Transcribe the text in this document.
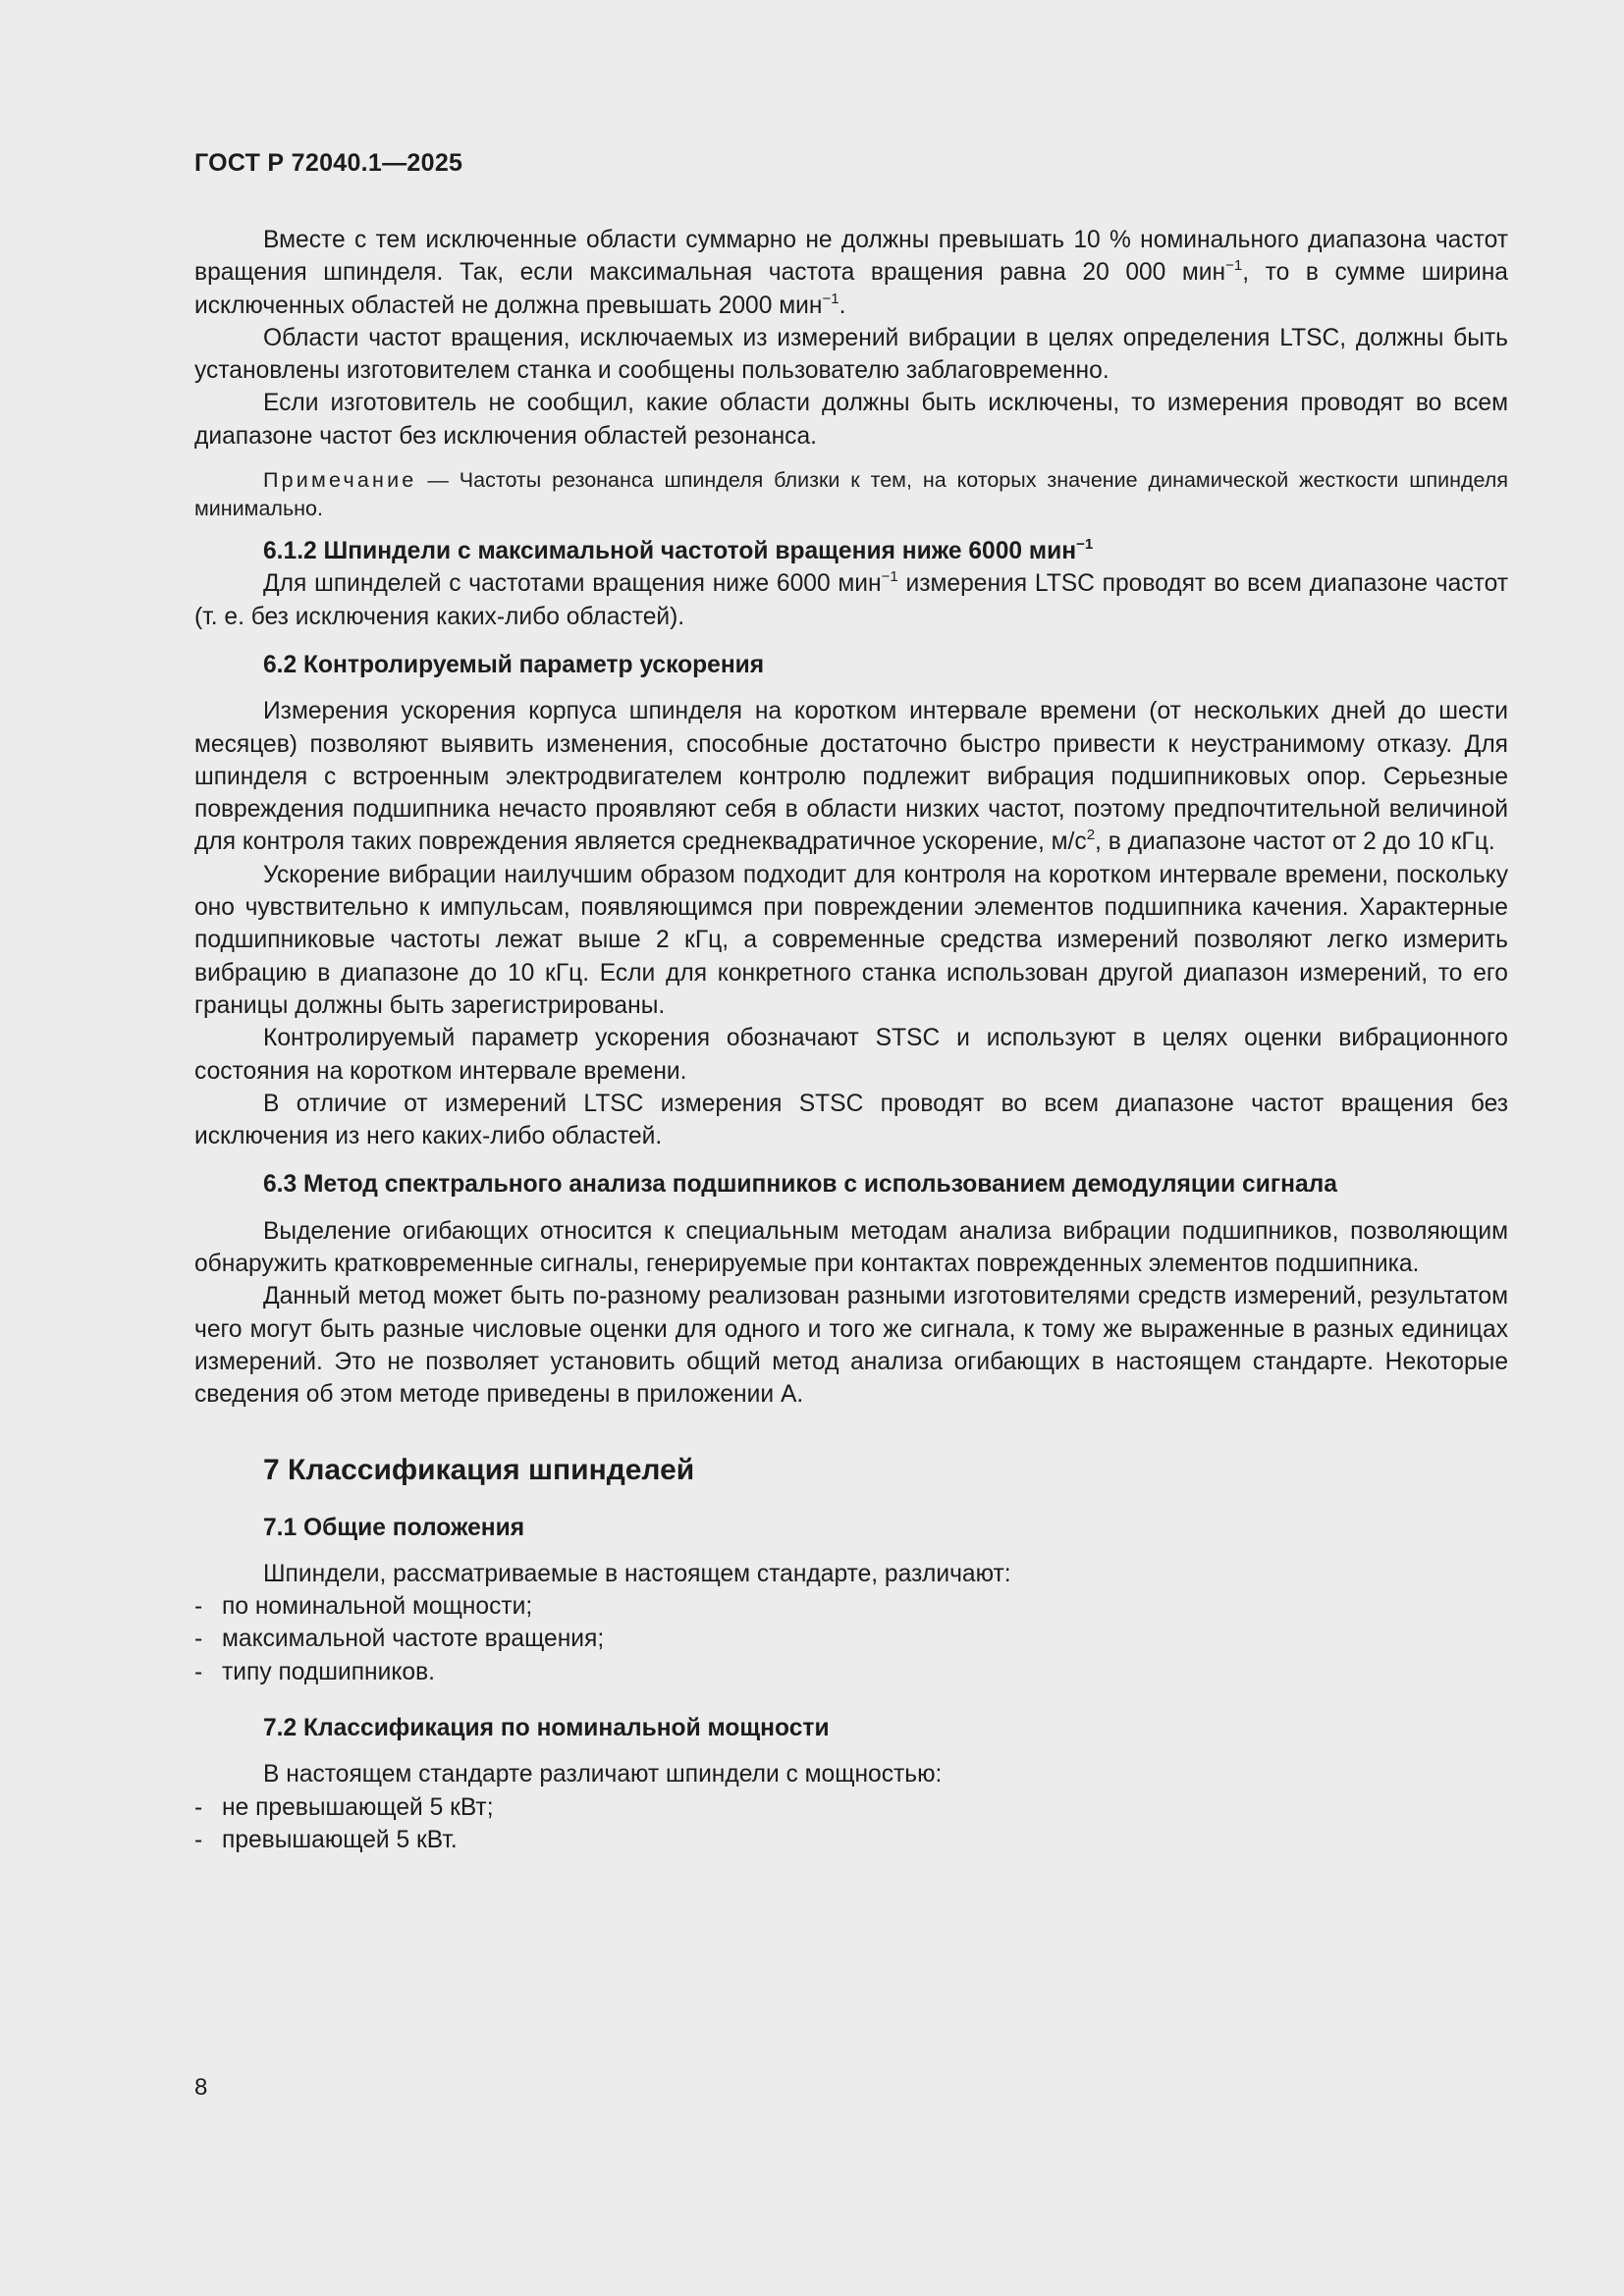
ГОСТ Р 72040.1—2025

Вместе с тем исключенные области суммарно не должны превышать 10 % номинального диапазона частот вращения шпинделя. Так, если максимальная частота вращения равна 20 000 мин$^{-1}$, то в сумме ширина исключенных областей не должна превышать 2000 мин$^{-1}$.

Области частот вращения, исключаемых из измерений вибрации в целях определения LTSC, должны быть установлены изготовителем станка и сообщены пользователю заблаговременно.

Если изготовитель не сообщил, какие области должны быть исключены, то измерения проводят во всем диапазоне частот без исключения областей резонанса.

Примечание — Частоты резонанса шпинделя близки к тем, на которых значение динамической жесткости шпинделя минимально.

6.1.2 Шпиндели с максимальной частотой вращения ниже 6000 мин$^{-1}$

Для шпинделей с частотами вращения ниже 6000 мин$^{-1}$ измерения LTSC проводят во всем диапазоне частот (т. е. без исключения каких-либо областей).

6.2 Контролируемый параметр ускорения

Измерения ускорения корпуса шпинделя на коротком интервале времени (от нескольких дней до шести месяцев) позволяют выявить изменения, способные достаточно быстро привести к неустранимому отказу. Для шпинделя с встроенным электродвигателем контролю подлежит вибрация подшипниковых опор. Серьезные повреждения подшипника нечасто проявляют себя в области низких частот, поэтому предпочтительной величиной для контроля таких повреждения является среднеквадратичное ускорение, $м/с^2$, в диапазоне частот от 2 до 10 кГц.

Ускорение вибрации наилучшим образом подходит для контроля на коротком интервале времени, поскольку оно чувствительно к импульсам, появляющимся при повреждении элементов подшипника качения. Характерные подшипниковые частоты лежат выше 2 кГц, а современные средства измерений позволяют легко измерить вибрацию в диапазоне до 10 кГц. Если для конкретного станка использован другой диапазон измерений, то его границы должны быть зарегистрированы.

Контролируемый параметр ускорения обозначают STSC и используют в целях оценки вибрационного состояния на коротком интервале времени.

В отличие от измерений LTSC измерения STSC проводят во всем диапазоне частот вращения без исключения из него каких-либо областей.

6.3 Метод спектрального анализа подшипников с использованием демодуляции сигнала

Выделение огибающих относится к специальным методам анализа вибрации подшипников, позволяющим обнаружить кратковременные сигналы, генерируемые при контактах поврежденных элементов подшипника.

Данный метод может быть по-разному реализован разными изготовителями средств измерений, результатом чего могут быть разные числовые оценки для одного и того же сигнала, к тому же выраженные в разных единицах измерений. Это не позволяет установить общий метод анализа огибающих в настоящем стандарте. Некоторые сведения об этом методе приведены в приложении А.

7 Классификация шпинделей
7.1 Общие положения

Шпиндели, рассматриваемые в настоящем стандарте, различают:

- по номинальной мощности;
- максимальной частоте вращения;
- типу подшипников.
7.2 Классификация по номинальной мощности

В настоящем стандарте различают шпиндели с мощностью:

- не превышающей 5 кВт;
- превышающей 5 кВт.
8
